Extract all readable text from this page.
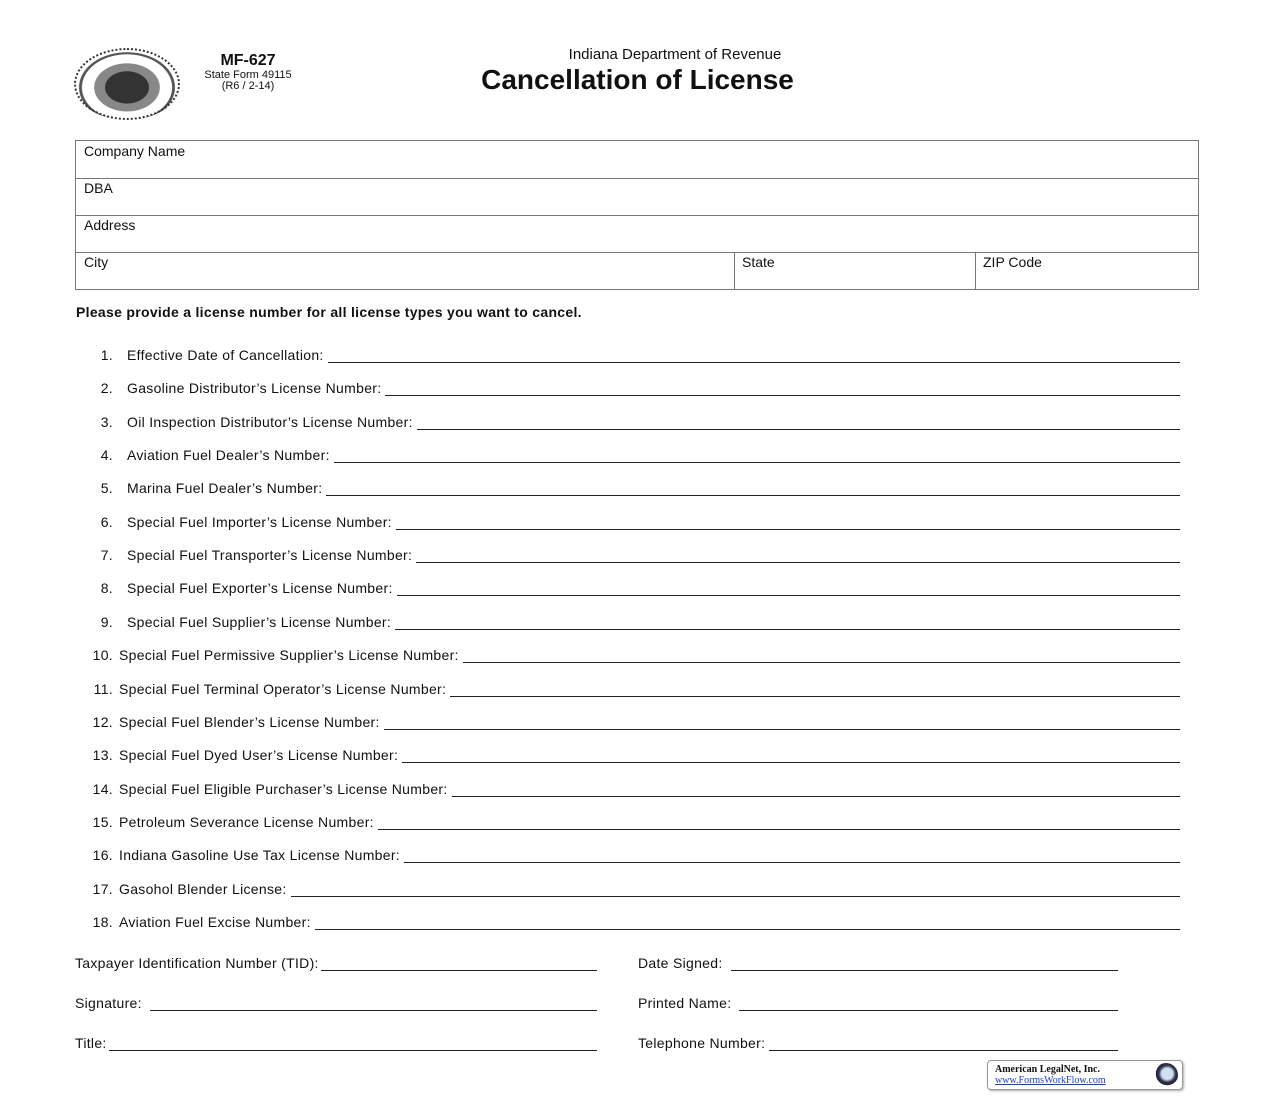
MF-627
State Form 49115
(R6 / 2-14)
Indiana Department of Revenue
Cancellation of License
Company Name
DBA
Address
City	State	ZIP Code
Please provide a license number for all license types you want to cancel.
1. Effective Date of Cancellation:
2. Gasoline Distributor’s License Number:
3. Oil Inspection Distributor’s License Number:
4. Aviation Fuel Dealer’s Number:
5. Marina Fuel Dealer’s Number:
6. Special Fuel Importer’s License Number:
7. Special Fuel Transporter’s License Number:
8. Special Fuel Exporter’s License Number:
9. Special Fuel Supplier’s License Number:
10. Special Fuel Permissive Supplier’s License Number:
11. Special Fuel Terminal Operator’s License Number:
12. Special Fuel Blender’s License Number:
13. Special Fuel Dyed User’s License Number:
14. Special Fuel Eligible Purchaser’s License Number:
15. Petroleum Severance License Number:
16. Indiana Gasoline Use Tax License Number:
17. Gasohol Blender License:
18. Aviation Fuel Excise Number:
Taxpayer Identification Number (TID):	Date Signed:
Signature:	Printed Name:
Title:	Telephone Number:
American LegalNet, Inc.
www.FormsWorkFlow.com
